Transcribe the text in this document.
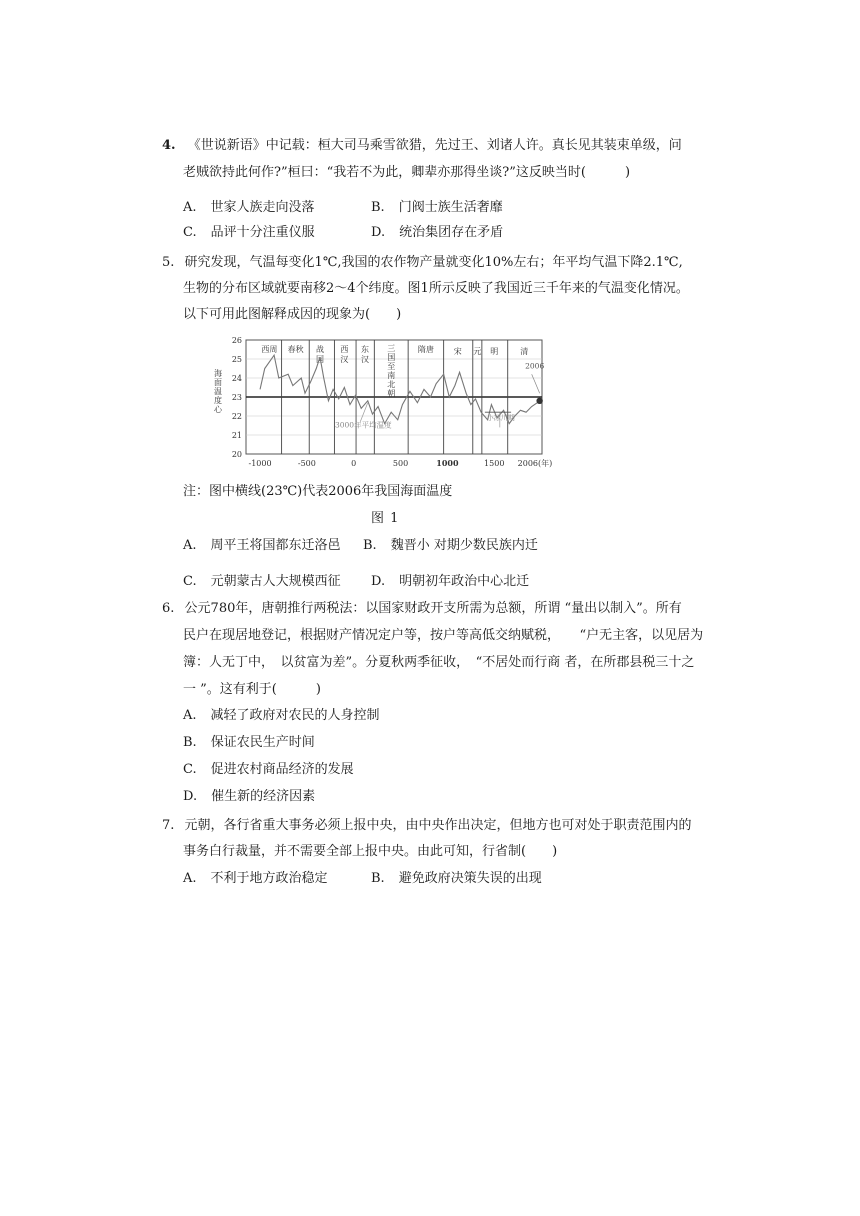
4. 《世说新语》中记载：桓大司马乘雪欲猎，先过王、刘诸人许。真长见其装束单级，问
老贼欲持此何作?”桓曰：“我若不为此，卿辈亦那得坐谈?”这反映当时(　　　)
A. 世家人族走向没落	B. 门阀士族生活奢靡
C. 品评十分注重仪服	D. 统治集团存在矛盾
5. 研究发现，气温每变化1℃,我国的农作物产量就变化10%左右；年平均气温下降2.1℃,
生物的分布区域就要南移2～4个纬度。图1所示反映了我国近三千年来的气温变化情况。
以下可用此图解释成因的现象为(　　)
西周 春秋 战国
西汉
东汉
三国至南北朝
隋唐 宋 元 明	清
26
25
24
23
22
21
20
海面温度心
-1000	-500	0	500	1000	1500 2006(年)
2006
3000年平均温度
小冰川期
注：图中横线(23℃)代表2006年我国海面温度
图 1
A. 周平王将国都东迁洛邑 B. 魏晋小 对期少数民族内迁
C. 元朝蒙古人大规模西征 D. 明朝初年政治中心北迁
6. 公元780年，唐朝推行两税法：以国家财政开支所需为总额，所谓 “量出以制入”。所有
民户在现居地登记，根据财产情况定户等，按户等高低交纳赋税，　　“户无主客，以见居为
簿：人无丁中，　以贫富为差”。分夏秋两季征收，　“不居处而行商 者，在所郡县税三十之
一 ”。这有利于(　　　)
A. 减轻了政府对农民的人身控制
B. 保证农民生产时间
C. 促进农村商品经济的发展
D. 催生新的经济因素
7. 元朝，各行省重大事务必须上报中央，由中央作出决定，但地方也可对处于职责范围内的
事务白行裁量，并不需要全部上报中央。由此可知，行省制(　　)
A. 不利于地方政治稳定	B. 避免政府决策失误的出现
